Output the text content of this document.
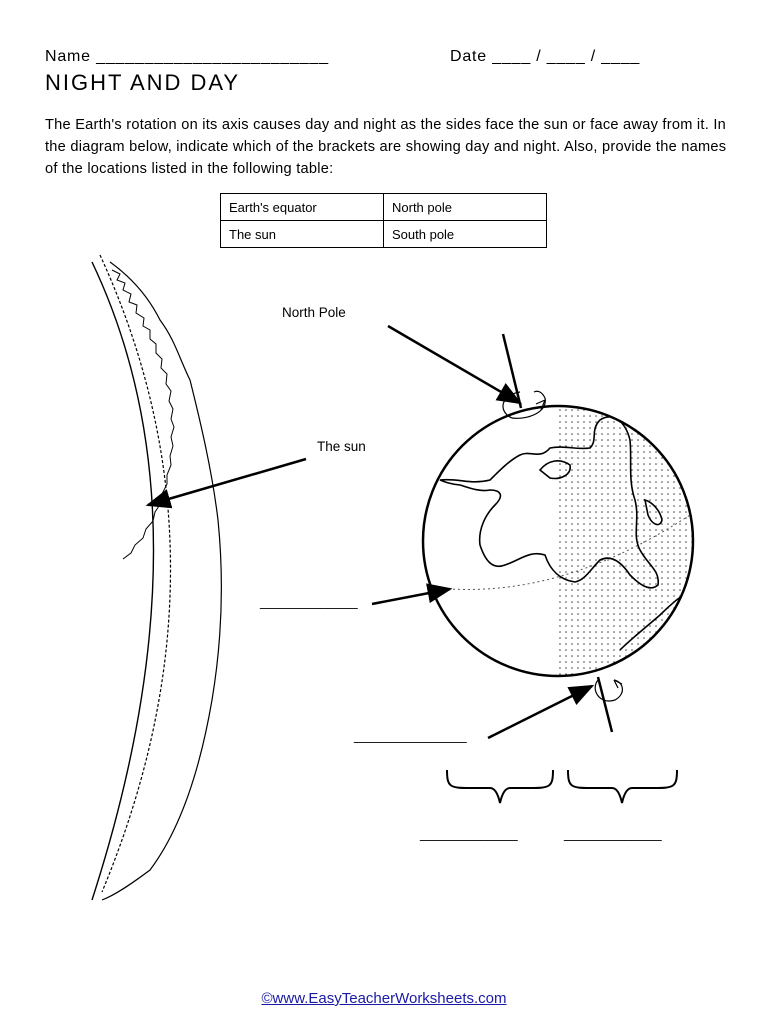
Name ________________________	Date ____ / ____ / ____
NIGHT AND DAY
The Earth's rotation on its axis causes day and night as the sides face the sun or face away from it. In the diagram below, indicate which of the brackets are showing day and night. Also, provide the names of the locations listed in the following table:
Earth's equator	North pole
The sun	South pole
North Pole
The sun
_____________
_______________
_____________	_____________
©www.EasyTeacherWorksheets.com
